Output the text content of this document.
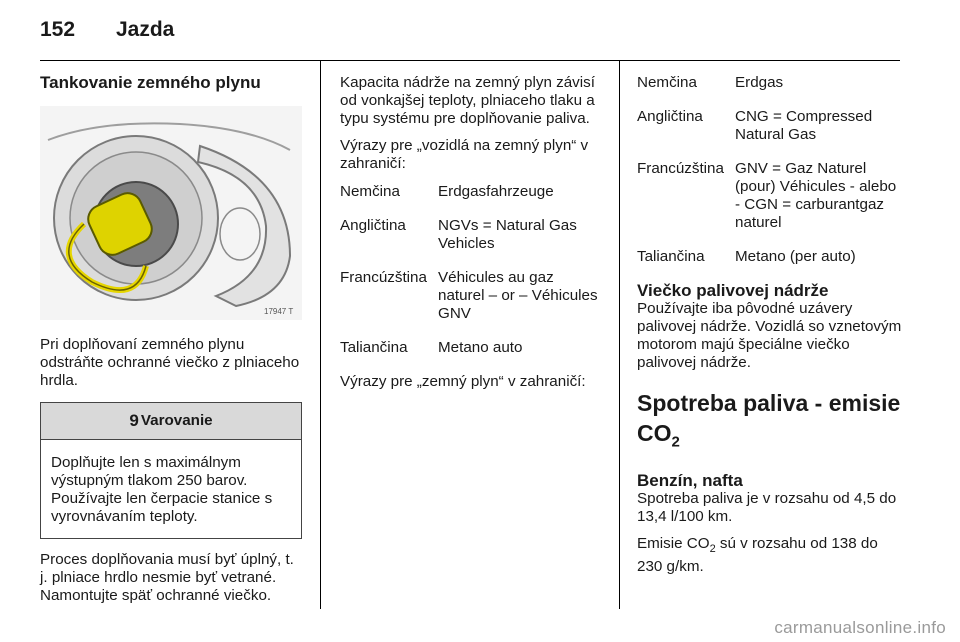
152 Jazda
Tankovanie zemného plynu
17947 T

Pri doplňovaní zemného plynu odstráňte ochranné viečko z plniaceho hrdla.

9 Varovanie
Doplňujte len s maximálnym výstupným tlakom 250 barov. Používajte len čerpacie stanice s vyrovnávaním teploty.

Proces doplňovania musí byť úplný, t. j. plniace hrdlo nesmie byť vetrané. Namontujte späť ochranné viečko.

Kapacita nádrže na zemný plyn závisí od vonkajšej teploty, plniaceho tlaku a typu systému pre doplňovanie paliva.

Výrazy pre „vozidlá na zemný plyn“ v zahraničí:

Nemčina	Erdgasfahrzeuge
Angličtina	NGVs = Natural Gas Vehicles
Francúzština Véhicules au gaz naturel – or – Véhicules GNV
Taliančina	Metano auto

Výrazy pre „zemný plyn“ v zahraničí:

Nemčina	Erdgas
Angličtina	CNG = Compressed Natural Gas
Francúzština GNV = Gaz Naturel (pour) Véhicules - alebo - CGN = carburantgaz naturel
Taliančina	Metano (per auto)
Viečko palivovej nádrže

Používajte iba pôvodné uzávery palivovej nádrže. Vozidlá so vznetovým motorom majú špeciálne viečko palivovej nádrže.

Spotreba paliva - emisie $CO_2$
Benzín, nafta

Spotreba paliva je v rozsahu od 4,5 do 13,4 l/100 km.

Emisie $CO_2$ sú v rozsahu od 138 do 230 g/km.

carmanualsonline.info
